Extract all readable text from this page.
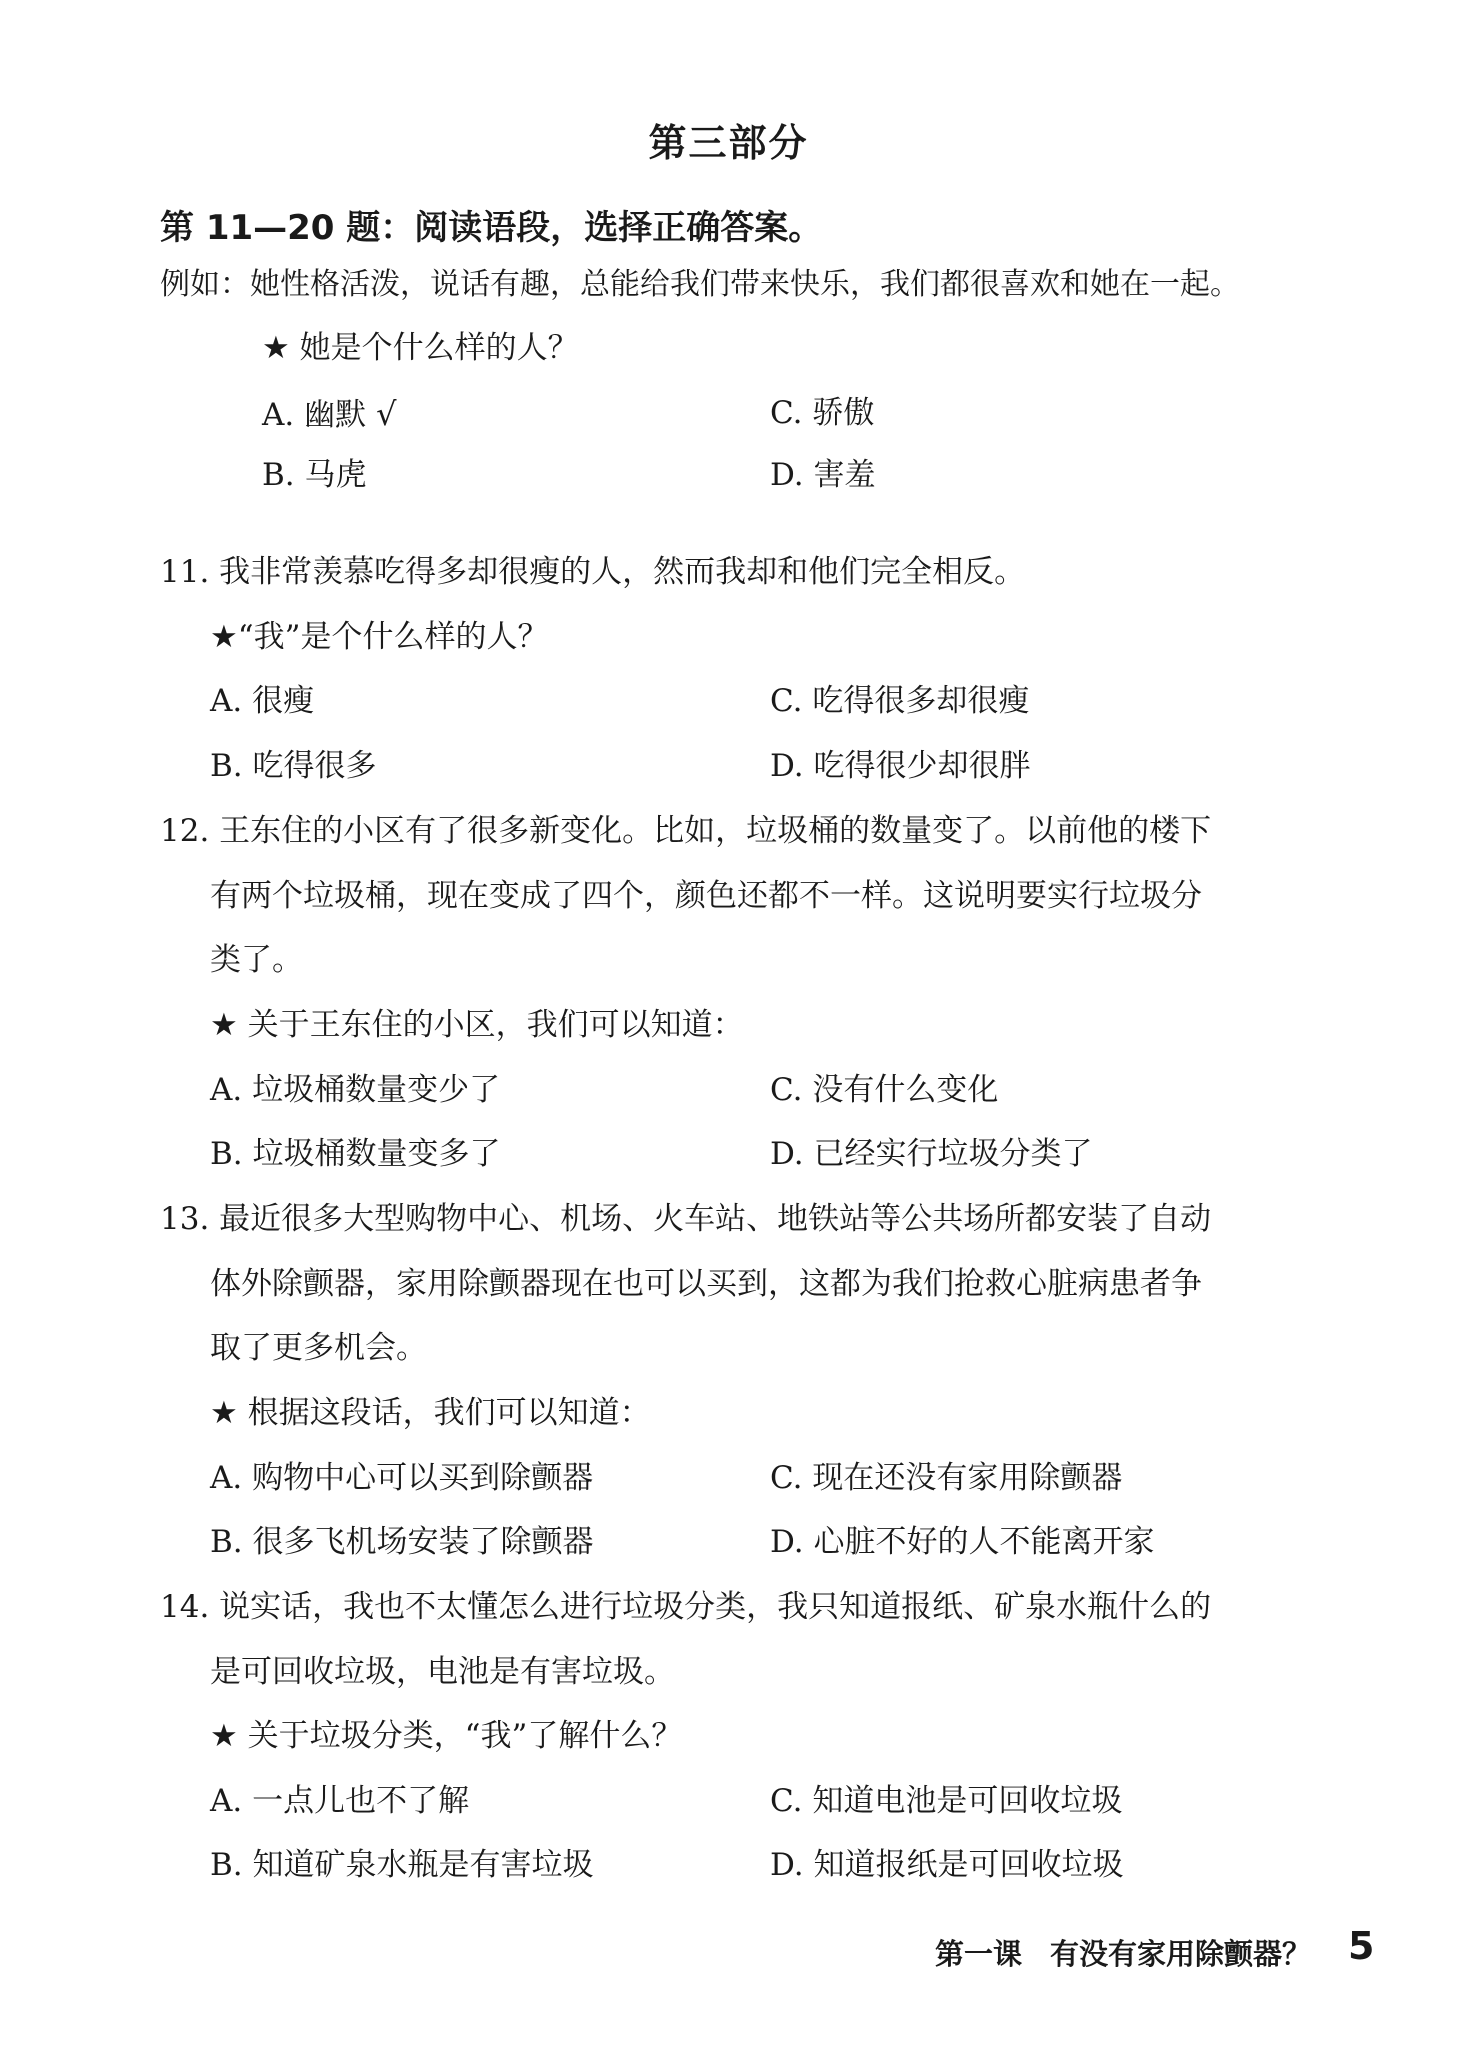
第三部分
第 11—20 题：阅读语段，选择正确答案。
例如：她性格活泼，说话有趣，总能给我们带来快乐，我们都很喜欢和她在一起。
★ 她是个什么样的人？
A. 幽默 √	C. 骄傲
B. 马虎	D. 害羞
11. 我非常羡慕吃得多却很瘦的人，然而我却和他们完全相反。
★“我”是个什么样的人？
A. 很瘦	C. 吃得很多却很瘦
B. 吃得很多	D. 吃得很少却很胖
12. 王东住的小区有了很多新变化。比如，垃圾桶的数量变了。以前他的楼下
有两个垃圾桶，现在变成了四个，颜色还都不一样。这说明要实行垃圾分
类了。
★ 关于王东住的小区，我们可以知道：
A. 垃圾桶数量变少了	C. 没有什么变化
B. 垃圾桶数量变多了	D. 已经实行垃圾分类了
13. 最近很多大型购物中心、机场、火车站、地铁站等公共场所都安装了自动
体外除颤器，家用除颤器现在也可以买到，这都为我们抢救心脏病患者争
取了更多机会。
★ 根据这段话，我们可以知道：
A. 购物中心可以买到除颤器	C. 现在还没有家用除颤器
B. 很多飞机场安装了除颤器	D. 心脏不好的人不能离开家
14. 说实话，我也不太懂怎么进行垃圾分类，我只知道报纸、矿泉水瓶什么的
是可回收垃圾，电池是有害垃圾。
★ 关于垃圾分类，“我”了解什么？
A. 一点儿也不了解	C. 知道电池是可回收垃圾
B. 知道矿泉水瓶是有害垃圾	D. 知道报纸是可回收垃圾
第一课 有没有家用除颤器？ 5
